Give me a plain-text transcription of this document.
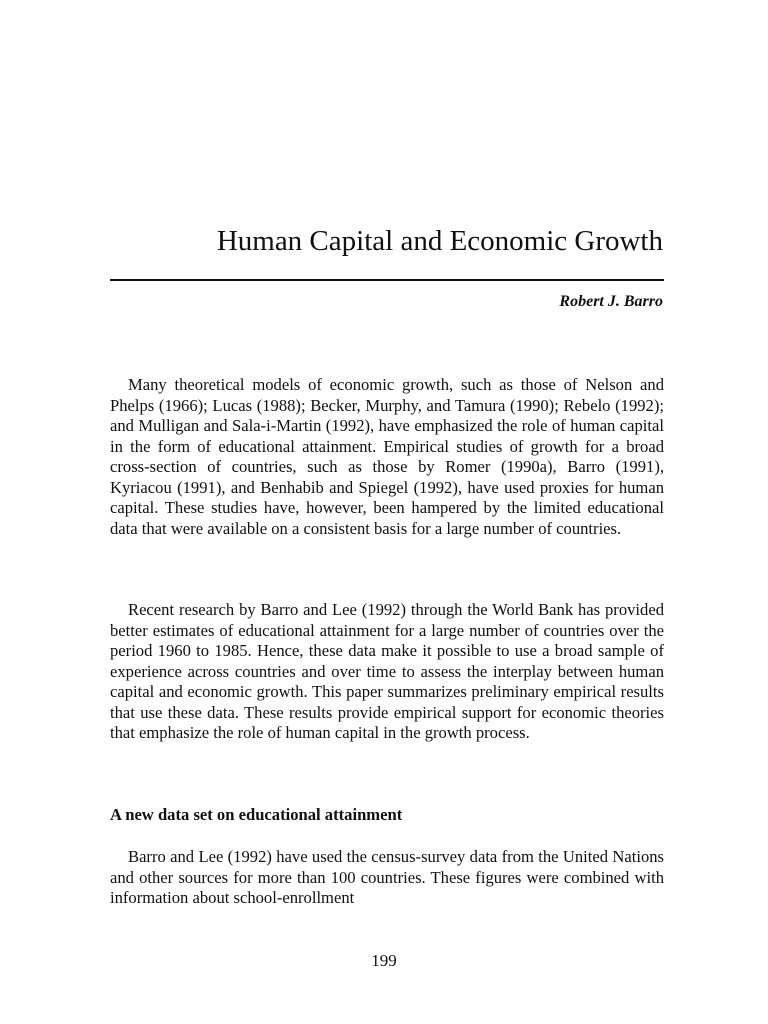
Human Capital and Economic Growth
Robert J. Barro

Many theoretical models of economic growth, such as those of Nelson and Phelps (1966); Lucas (1988); Becker, Murphy, and Tamura (1990); Rebelo (1992); and Mulligan and Sala-i-Martin (1992), have emphasized the role of human capital in the form of educational attainment. Empirical studies of growth for a broad cross-section of countries, such as those by Romer (1990a), Barro (1991), Kyriacou (1991), and Benhabib and Spiegel (1992), have used proxies for human capital. These studies have, however, been hampered by the limited educational data that were available on a consistent basis for a large number of countries.

Recent research by Barro and Lee (1992) through the World Bank has provided better estimates of educational attainment for a large number of countries over the period 1960 to 1985. Hence, these data make it possible to use a broad sample of experience across countries and over time to assess the interplay between human capital and economic growth. This paper summarizes preliminary empirical results that use these data. These results provide empirical support for economic theories that emphasize the role of human capital in the growth process.

A new data set on educational attainment

Barro and Lee (1992) have used the census-survey data from the United Nations and other sources for more than 100 countries. These figures were combined with information about school-enrollment

199
